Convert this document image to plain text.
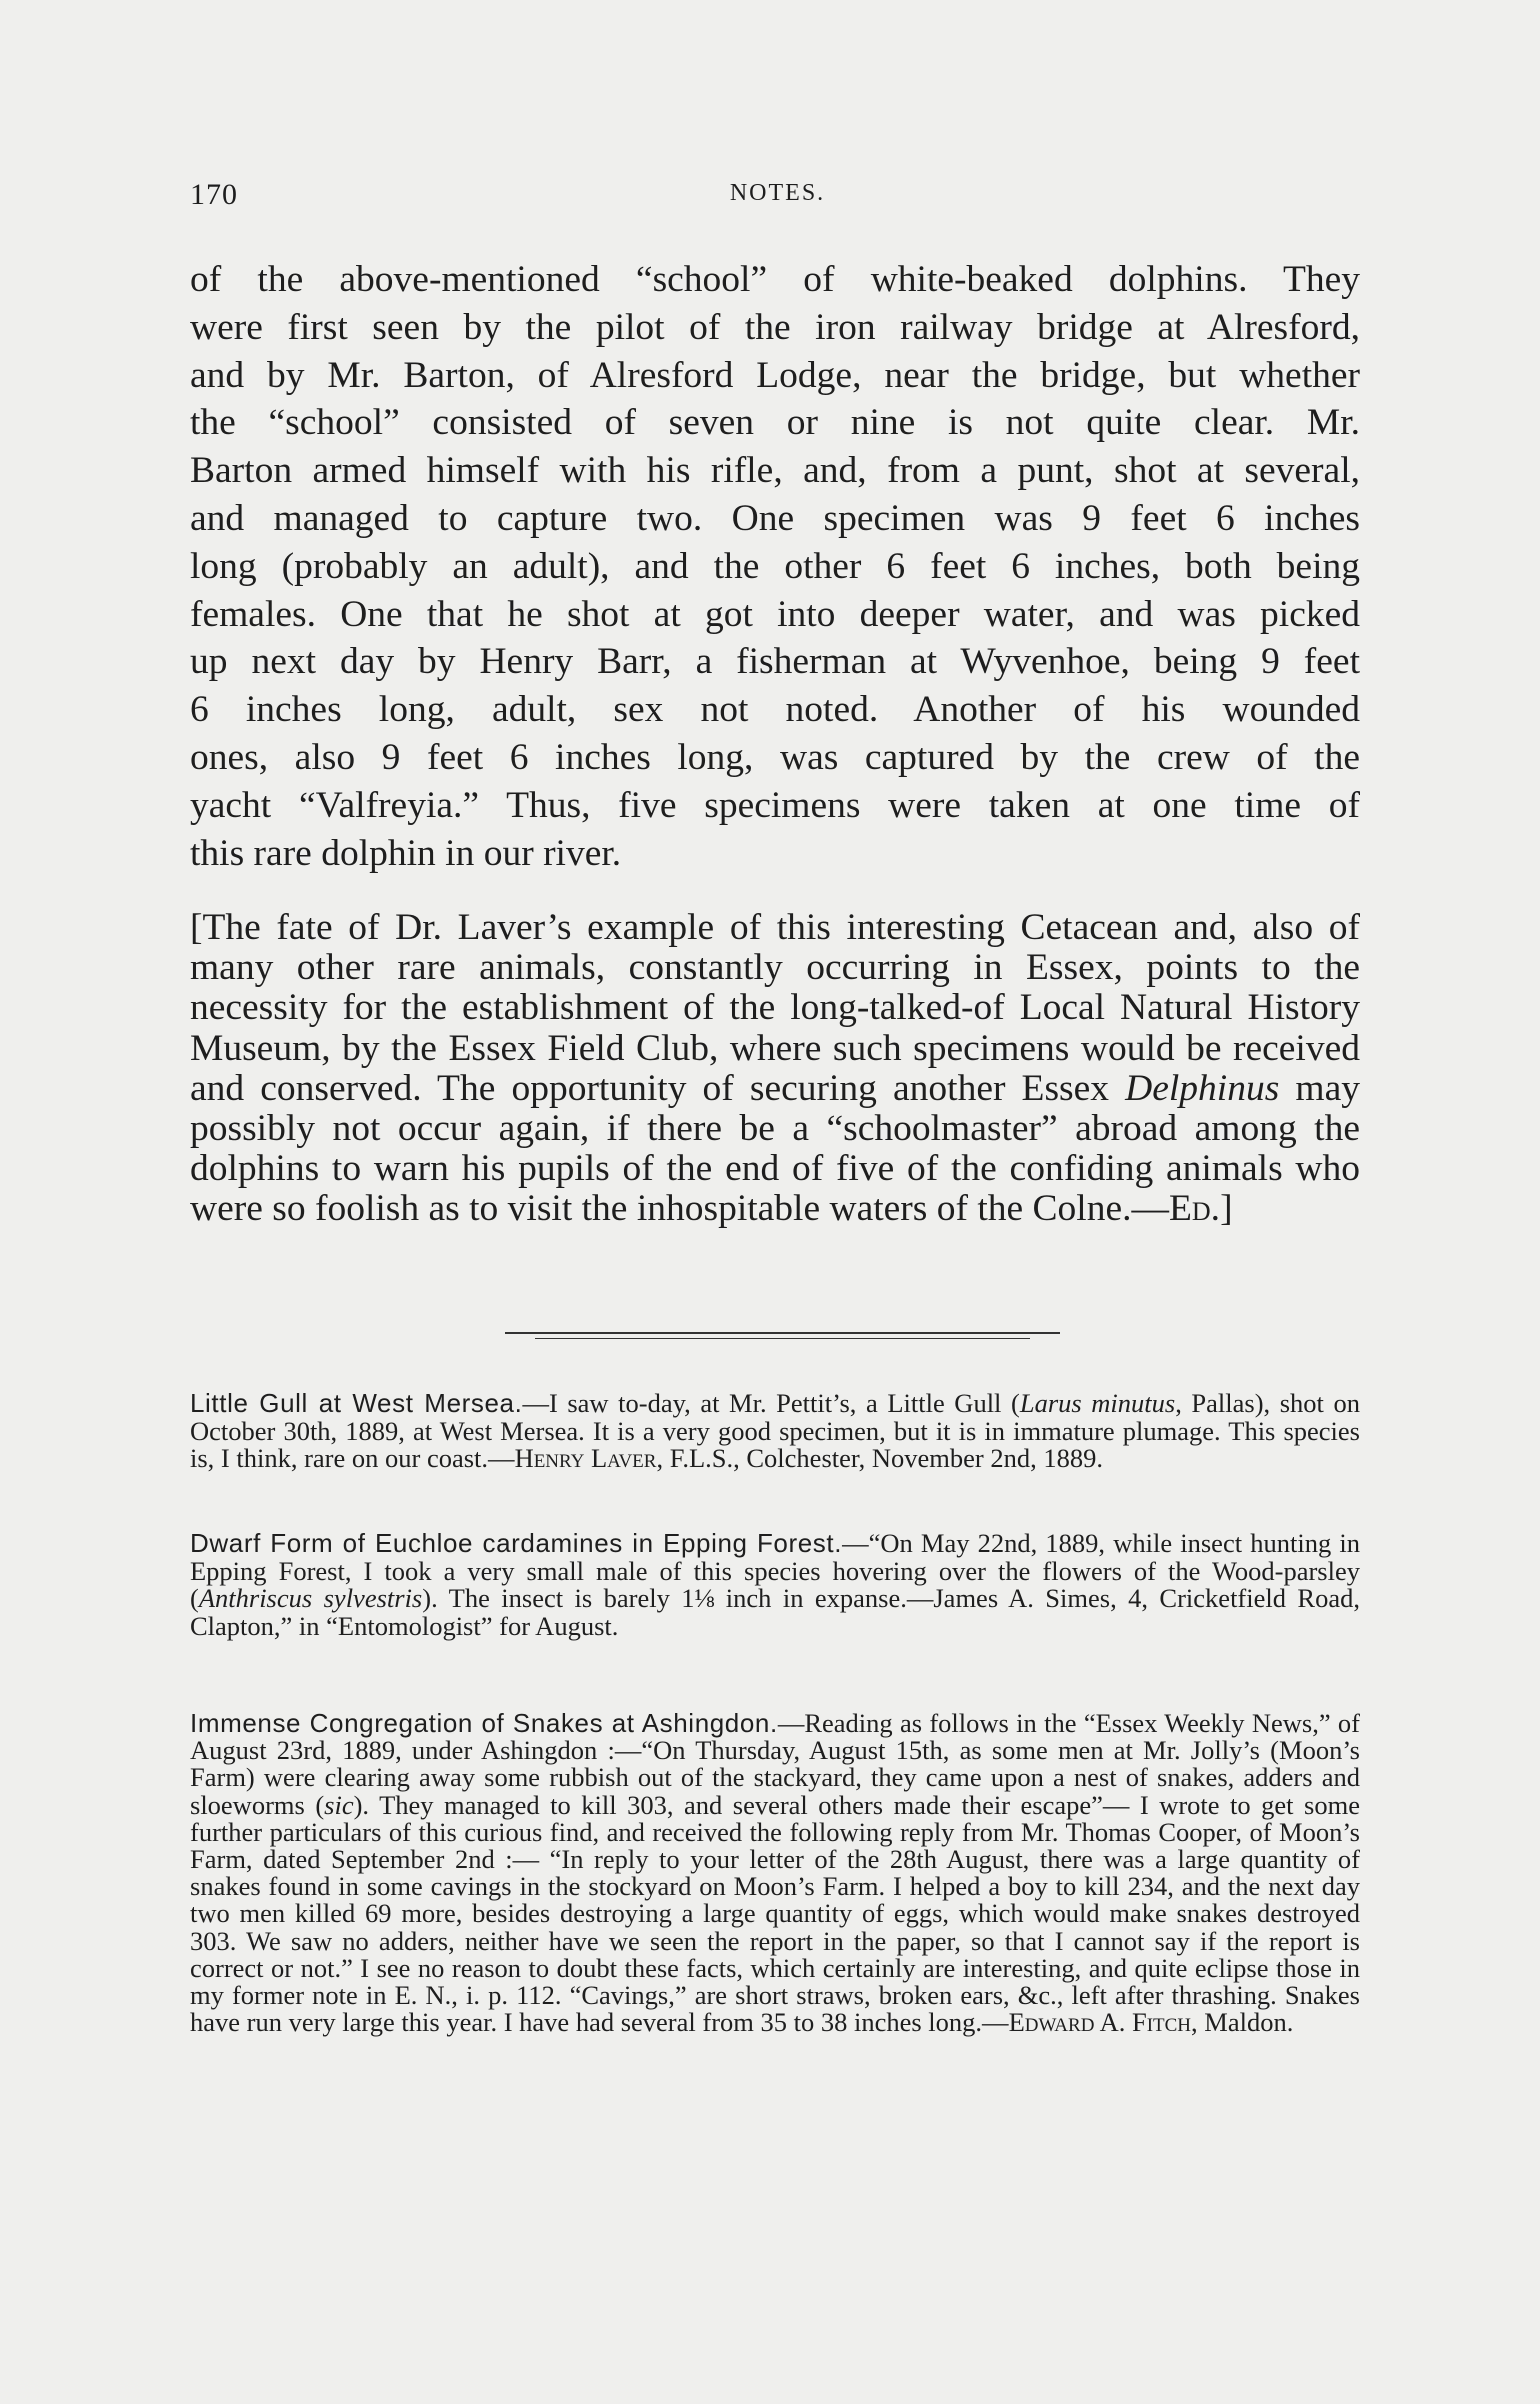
170	NOTES.
of the above-mentioned “school” of white-beaked dolphins. They
were first seen by the pilot of the iron railway bridge at Alresford,
and by Mr. Barton, of Alresford Lodge, near the bridge, but whether
the “school” consisted of seven or nine is not quite clear. Mr.
Barton armed himself with his rifle, and, from a punt, shot at several,
and managed to capture two. One specimen was 9 feet 6 inches
long (probably an adult), and the other 6 feet 6 inches, both being
females. One that he shot at got into deeper water, and was picked
up next day by Henry Barr, a fisherman at Wyvenhoe, being 9 feet
6 inches long, adult, sex not noted. Another of his wounded
ones, also 9 feet 6 inches long, was captured by the crew of the
yacht “Valfreyia.” Thus, five specimens were taken at one time of
this rare dolphin in our river.

[The fate of Dr. Laver’s example of this interesting Cetacean and, also of many other rare animals, constantly occurring in Essex, points to the necessity for the establishment of the long-talked-of Local Natural History Museum, by the Essex Field Club, where such specimens would be received and conserved. The opportunity of securing another Essex Delphinus may possibly not occur again, if there be a “schoolmaster” abroad among the dolphins to warn his pupils of the end of five of the confiding animals who were so foolish as to visit the inhospitable waters of the Colne.—Ed.]

Little Gull at West Mersea.—I saw to-day, at Mr. Pettit’s, a Little Gull (Larus minutus, Pallas), shot on October 30th, 1889, at West Mersea. It is a very good specimen, but it is in immature plumage. This species is, I think, rare on our coast.—Henry Laver, F.L.S., Colchester, November 2nd, 1889.

Dwarf Form of Euchloe cardamines in Epping Forest.—“On May 22nd, 1889, while insect hunting in Epping Forest, I took a very small male of this species hovering over the flowers of the Wood-parsley (Anthriscus sylvestris). The insect is barely 1⅛ inch in expanse.—James A. Simes, 4, Cricketfield Road, Clapton,” in “Entomologist” for August.

Immense Congregation of Snakes at Ashingdon.—Reading as follows in the “Essex Weekly News,” of August 23rd, 1889, under Ashingdon :—“On Thursday, August 15th, as some men at Mr. Jolly’s (Moon’s Farm) were clearing away some rubbish out of the stackyard, they came upon a nest of snakes, adders and sloeworms (sic). They managed to kill 303, and several others made their escape”— I wrote to get some further particulars of this curious find, and received the following reply from Mr. Thomas Cooper, of Moon’s Farm, dated September 2nd :— “In reply to your letter of the 28th August, there was a large quantity of snakes found in some cavings in the stockyard on Moon’s Farm. I helped a boy to kill 234, and the next day two men killed 69 more, besides destroying a large quantity of eggs, which would make snakes destroyed 303. We saw no adders, neither have we seen the report in the paper, so that I cannot say if the report is correct or not.” I see no reason to doubt these facts, which certainly are interesting, and quite eclipse those in my former note in E. N., i. p. 112. “Cavings,” are short straws, broken ears, &c., left after thrashing. Snakes have run very large this year. I have had several from 35 to 38 inches long.—Edward A. Fitch, Maldon.
